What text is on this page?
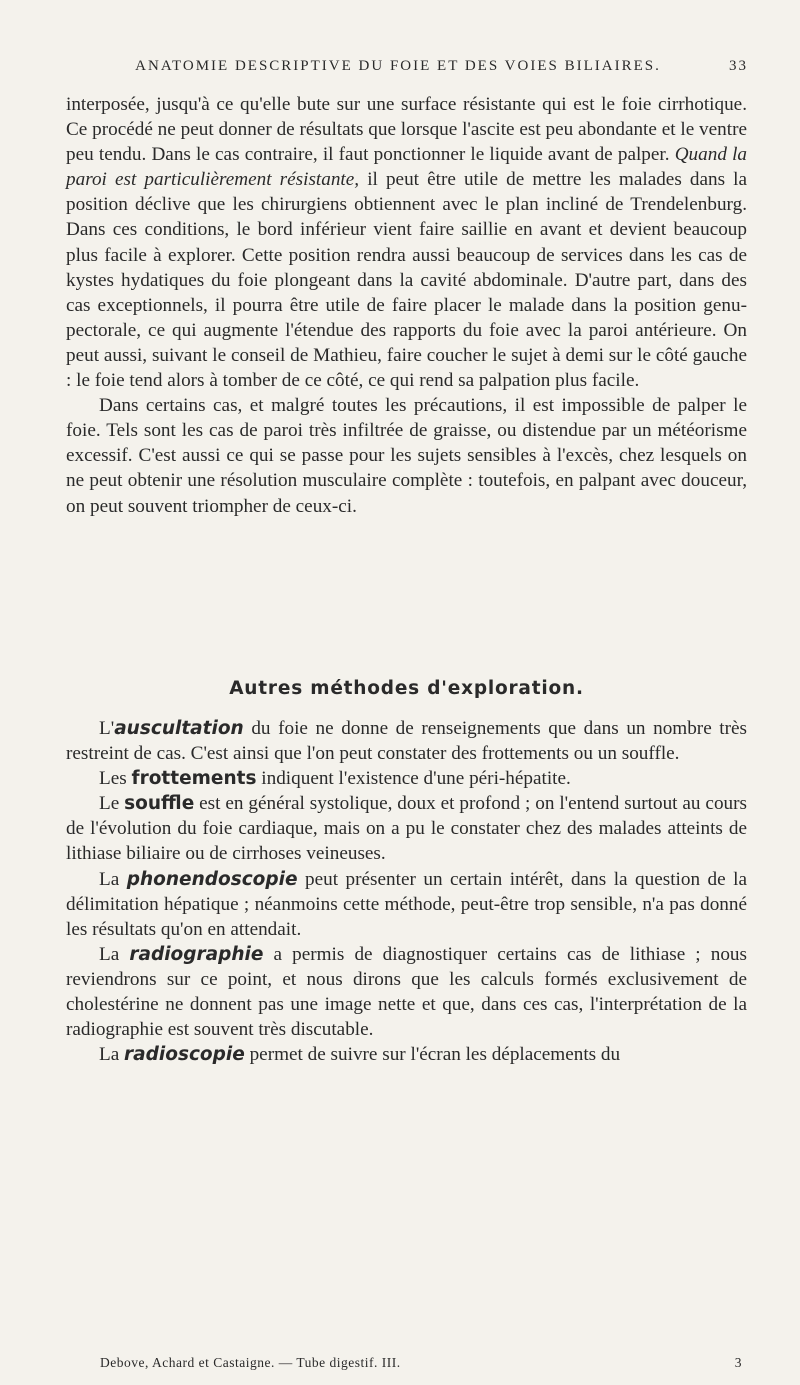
ANATOMIE DESCRIPTIVE DU FOIE ET DES VOIES BILIAIRES.	33

interposée, jusqu'à ce qu'elle bute sur une surface résistante qui est le foie cirrhotique. Ce procédé ne peut donner de résultats que lorsque l'ascite est peu abondante et le ventre peu tendu. Dans le cas contraire, il faut ponctionner le liquide avant de palper. Quand la paroi est particulièrement résistante, il peut être utile de mettre les malades dans la position déclive que les chirurgiens obtiennent avec le plan incliné de Trendelenburg. Dans ces conditions, le bord inférieur vient faire saillie en avant et devient beaucoup plus facile à explorer. Cette position rendra aussi beaucoup de services dans les cas de kystes hydatiques du foie plongeant dans la cavité abdominale. D'autre part, dans des cas exceptionnels, il pourra être utile de faire placer le malade dans la position genu-pectorale, ce qui augmente l'étendue des rapports du foie avec la paroi antérieure. On peut aussi, suivant le conseil de Mathieu, faire coucher le sujet à demi sur le côté gauche : le foie tend alors à tomber de ce côté, ce qui rend sa palpation plus facile.

Dans certains cas, et malgré toutes les précautions, il est impossible de palper le foie. Tels sont les cas de paroi très infiltrée de graisse, ou distendue par un météorisme excessif. C'est aussi ce qui se passe pour les sujets sensibles à l'excès, chez lesquels on ne peut obtenir une résolution musculaire complète : toutefois, en palpant avec douceur, on peut souvent triompher de ceux-ci.

Autres méthodes d'exploration.

L'auscultation du foie ne donne de renseignements que dans un nombre très restreint de cas. C'est ainsi que l'on peut constater des frottements ou un souffle.

Les frottements indiquent l'existence d'une péri-hépatite.

Le souffle est en général systolique, doux et profond ; on l'entend surtout au cours de l'évolution du foie cardiaque, mais on a pu le constater chez des malades atteints de lithiase biliaire ou de cirrhoses veineuses.

La phonendoscopie peut présenter un certain intérêt, dans la question de la délimitation hépatique ; néanmoins cette méthode, peut-être trop sensible, n'a pas donné les résultats qu'on en attendait.

La radiographie a permis de diagnostiquer certains cas de lithiase ; nous reviendrons sur ce point, et nous dirons que les calculs formés exclusivement de cholestérine ne donnent pas une image nette et que, dans ces cas, l'interprétation de la radiographie est souvent très discutable.

La radioscopie permet de suivre sur l'écran les déplacements du

Debove, Achard et Castaigne. — Tube digestif. III.	3
